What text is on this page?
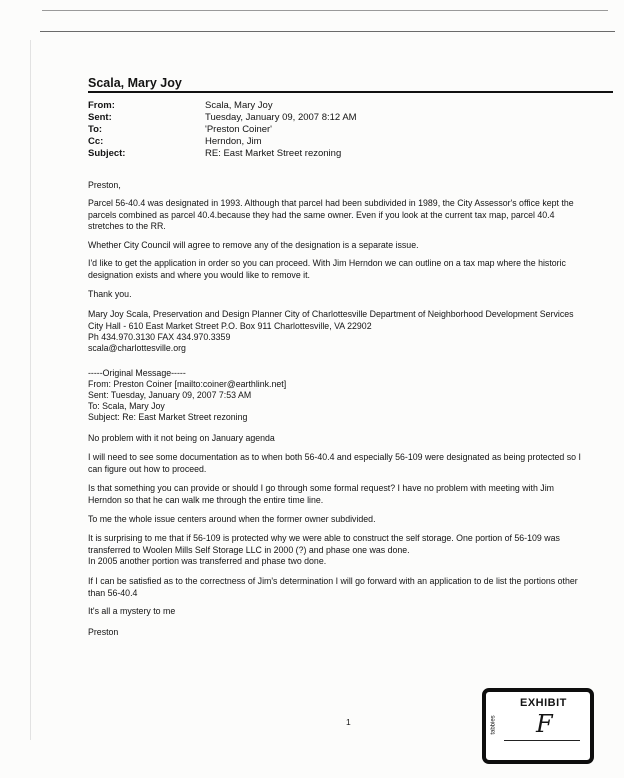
Scala, Mary Joy
From:	Scala, Mary Joy
Sent:	Tuesday, January 09, 2007 8:12 AM
To:	'Preston Coiner'
Cc:	Herndon, Jim
Subject:	RE: East Market Street rezoning

Preston,

Parcel 56-40.4 was designated in 1993. Although that parcel had been subdivided in 1989, the City Assessor's office kept the parcels combined as parcel 40.4.because they had the same owner. Even if you look at the current tax map, parcel 40.4 stretches to the RR.

Whether City Council will agree to remove any of the designation is a separate issue.

I'd like to get the application in order so you can proceed. With Jim Herndon we can outline on a tax map where the historic designation exists and where you would like to remove it.

Thank you.

Mary Joy Scala, Preservation and Design Planner City of Charlottesville Department of Neighborhood Development Services City Hall - 610 East Market Street P.O. Box 911 Charlottesville, VA 22902

Ph 434.970.3130 FAX 434.970.3359

scala@charlottesville.org

-----Original Message-----

From: Preston Coiner [mailto:coiner@earthlink.net]

Sent: Tuesday, January 09, 2007 7:53 AM

To: Scala, Mary Joy

Subject: Re: East Market Street rezoning

No problem with it not being on January agenda

I will need to see some documentation as to when both 56-40.4 and especially 56-109 were designated as being protected so I can figure out how to proceed.

Is that something you can provide or should I go through some formal request? I have no problem with meeting with Jim Herndon so that he can walk me through the entire time line.

To me the whole issue centers around when the former owner subdivided.

It is surprising to me that if 56-109 is protected why we were able to construct the self storage. One portion of 56-109 was transferred to Woolen Mills Self Storage LLC in 2000 (?) and phase one was done.

In 2005 another portion was transferred and phase two done.

If I can be satisfied as to the correctness of Jim's determination I will go forward with an application to de list the portions other than 56-40.4

It's all a mystery to me

Preston

1
EXHIBIT
tabbies F
